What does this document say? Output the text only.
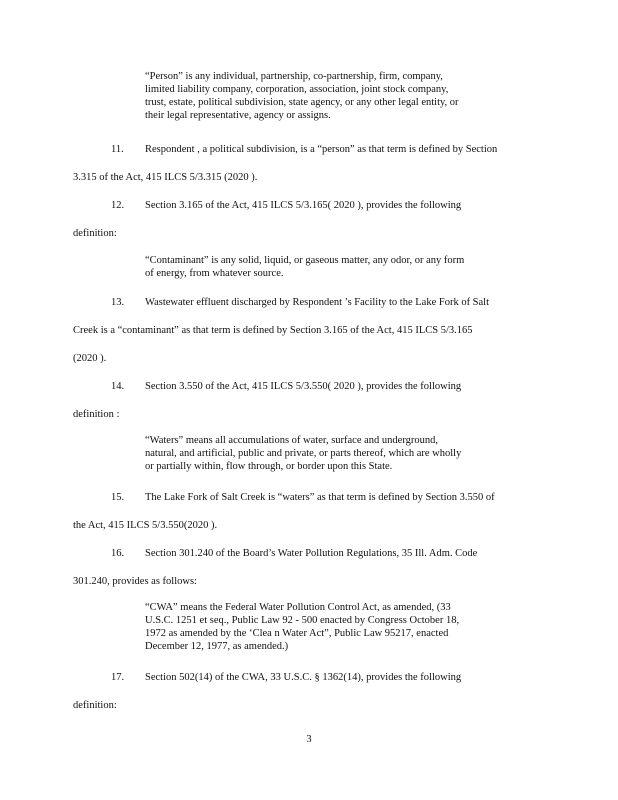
“Person” is any individual, partnership, co-partnership, firm, company,
limited liability company, corporation, association, joint stock company,
trust, estate, political subdivision, state agency, or any other legal entity, or
their legal representative, agency or assigns.
11. Respondent , a political subdivision, is a “person” as that term is defined by Section
3.315 of the Act, 415 ILCS 5/3.315 (2020 ).
12. Section 3.165 of the Act, 415 ILCS 5/3.165( 2020 ), provides the following
definition:
“Contaminant” is any solid, liquid, or gaseous matter, any odor, or any form
of energy, from whatever source.
13. Wastewater effluent discharged by Respondent ’s Facility to the Lake Fork of Salt
Creek is a “contaminant” as that term is defined by Section 3.165 of the Act, 415 ILCS 5/3.165
(2020 ).
14. Section 3.550 of the Act, 415 ILCS 5/3.550( 2020 ), provides the following
definition :
“Waters” means all accumulations of water, surface and underground,
natural, and artificial, public and private, or parts thereof, which are wholly
or partially within, flow through, or border upon this State.
15. The Lake Fork of Salt Creek is “waters” as that term is defined by Section 3.550 of
the Act, 415 ILCS 5/3.550(2020 ).
16. Section 301.240 of the Board’s Water Pollution Regulations, 35 Ill. Adm. Code
301.240, provides as follows:
“CWA” means the Federal Water Pollution Control Act, as amended, (33
U.S.C. 1251 et seq., Public Law 92 - 500 enacted by Congress October 18,
1972 as amended by the ‘Clea n Water Act”, Public Law 95217, enacted
December 12, 1977, as amended.)
17. Section 502(14) of the CWA, 33 U.S.C. § 1362(14), provides the following
definition:
3
